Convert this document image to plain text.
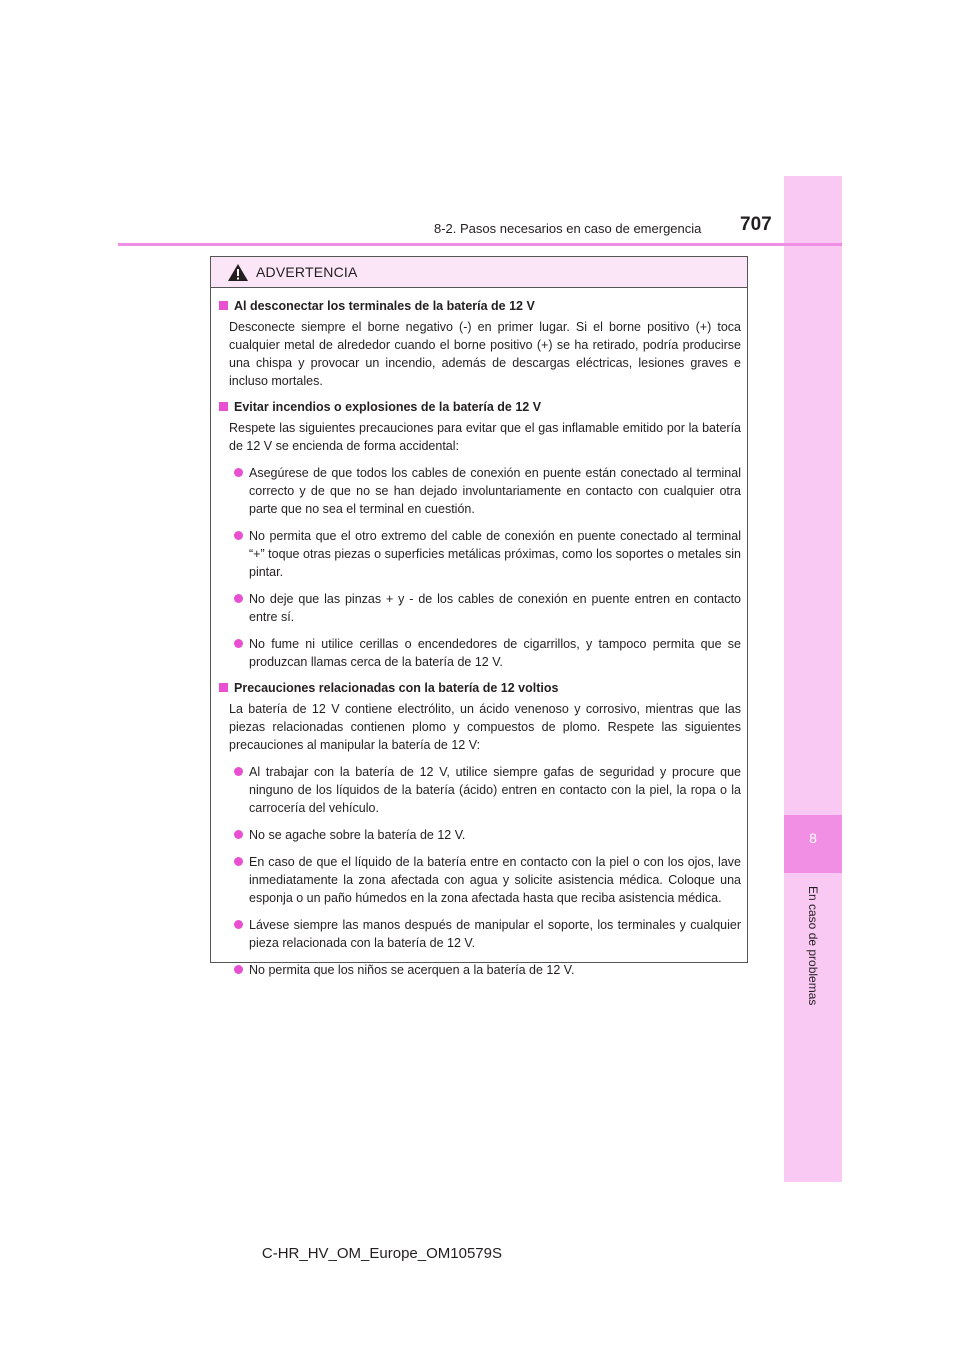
8
En caso de problemas
8-2. Pasos necesarios en caso de emergencia 707
ADVERTENCIA
Al desconectar los terminales de la batería de 12 V

Desconecte siempre el borne negativo (-) en primer lugar. Si el borne positivo (+) toca cualquier metal de alrededor cuando el borne positivo (+) se ha retirado, podría producirse una chispa y provocar un incendio, además de descargas eléctricas, lesiones graves e incluso mortales.

Evitar incendios o explosiones de la batería de 12 V

Respete las siguientes precauciones para evitar que el gas inflamable emitido por la batería de 12 V se encienda de forma accidental:

Asegúrese de que todos los cables de conexión en puente están conectado al terminal correcto y de que no se han dejado involuntariamente en contacto con cualquier otra parte que no sea el terminal en cuestión.
No permita que el otro extremo del cable de conexión en puente conectado al terminal “+” toque otras piezas o superficies metálicas próximas, como los soportes o metales sin pintar.
No deje que las pinzas + y - de los cables de conexión en puente entren en contacto entre sí.
No fume ni utilice cerillas o encendedores de cigarrillos, y tampoco permita que se produzcan llamas cerca de la batería de 12 V.
Precauciones relacionadas con la batería de 12 voltios

La batería de 12 V contiene electrólito, un ácido venenoso y corrosivo, mientras que las piezas relacionadas contienen plomo y compuestos de plomo. Respete las siguientes precauciones al manipular la batería de 12 V:

Al trabajar con la batería de 12 V, utilice siempre gafas de seguridad y procure que ninguno de los líquidos de la batería (ácido) entren en contacto con la piel, la ropa o la carrocería del vehículo.
No se agache sobre la batería de 12 V.
En caso de que el líquido de la batería entre en contacto con la piel o con los ojos, lave inmediatamente la zona afectada con agua y solicite asistencia médica. Coloque una esponja o un paño húmedos en la zona afectada hasta que reciba asistencia médica.
Lávese siempre las manos después de manipular el soporte, los terminales y cualquier pieza relacionada con la batería de 12 V.
No permita que los niños se acerquen a la batería de 12 V.
C-HR_HV_OM_Europe_OM10579S
